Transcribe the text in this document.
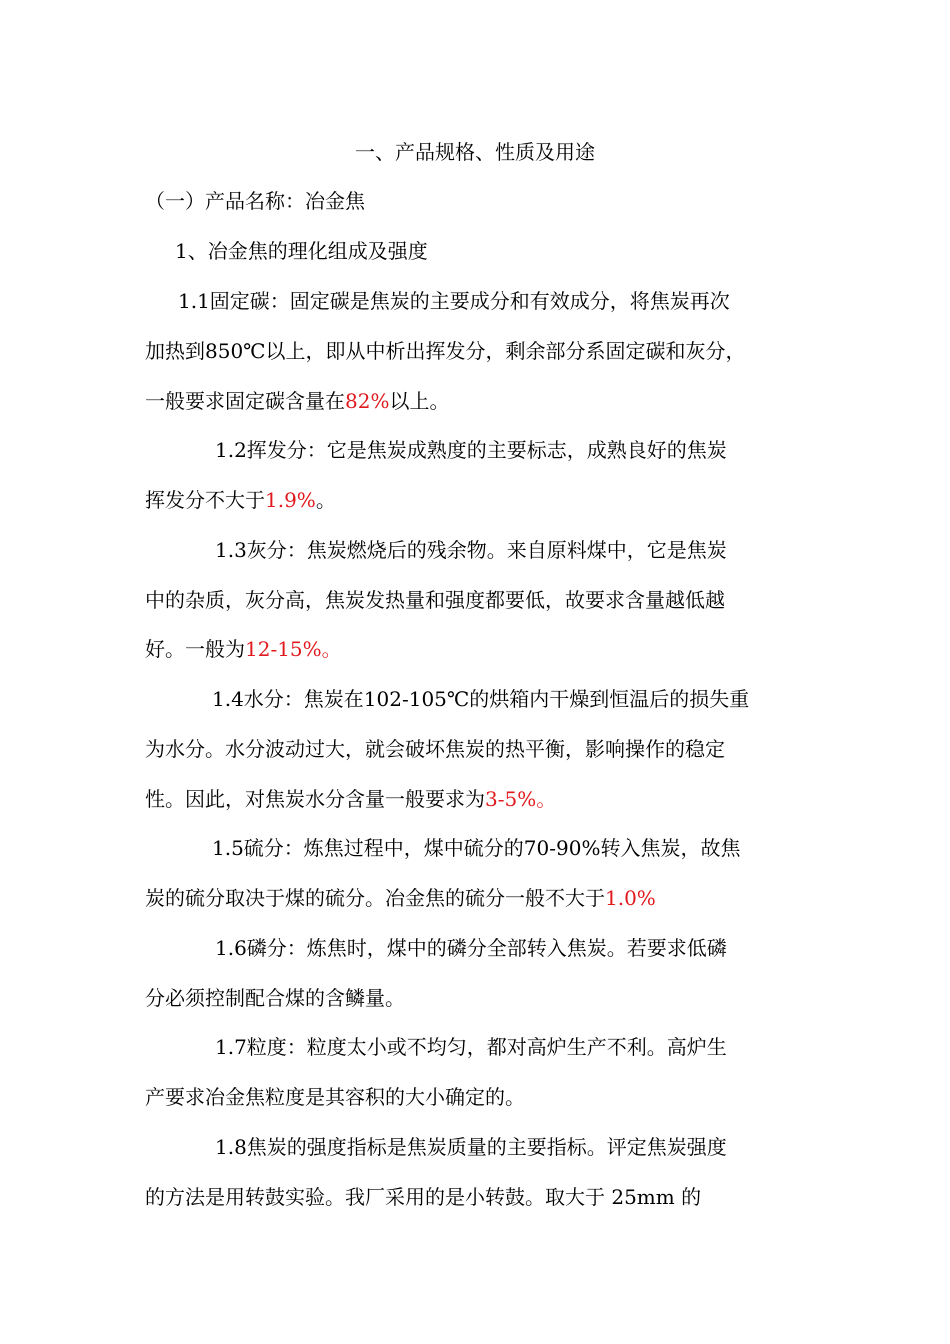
一、产品规格、性质及用途
（一）产品名称：冶金焦
1、冶金焦的理化组成及强度
1.1固定碳：固定碳是焦炭的主要成分和有效成分，将焦炭再次
加热到850℃以上，即从中析出挥发分，剩余部分系固定碳和灰分，
一般要求固定碳含量在82%以上。
1.2挥发分：它是焦炭成熟度的主要标志，成熟良好的焦炭
挥发分不大于1.9%。
1.3灰分：焦炭燃烧后的残余物。来自原料煤中，它是焦炭
中的杂质，灰分高，焦炭发热量和强度都要低，故要求含量越低越
好。一般为12-15%。
1.4水分：焦炭在102-105℃的烘箱内干燥到恒温后的损失重
为水分。水分波动过大，就会破坏焦炭的热平衡，影响操作的稳定
性。因此，对焦炭水分含量一般要求为3-5%。
1.5硫分：炼焦过程中，煤中硫分的70-90%转入焦炭，故焦
炭的硫分取决于煤的硫分。冶金焦的硫分一般不大于1.0%
1.6磷分：炼焦时，煤中的磷分全部转入焦炭。若要求低磷
分必须控制配合煤的含鳞量。
1.7粒度：粒度太小或不均匀，都对高炉生产不利。高炉生
产要求冶金焦粒度是其容积的大小确定的。
1.8焦炭的强度指标是焦炭质量的主要指标。评定焦炭强度
的方法是用转鼓实验。我厂采用的是小转鼓。取大于 25mm 的
